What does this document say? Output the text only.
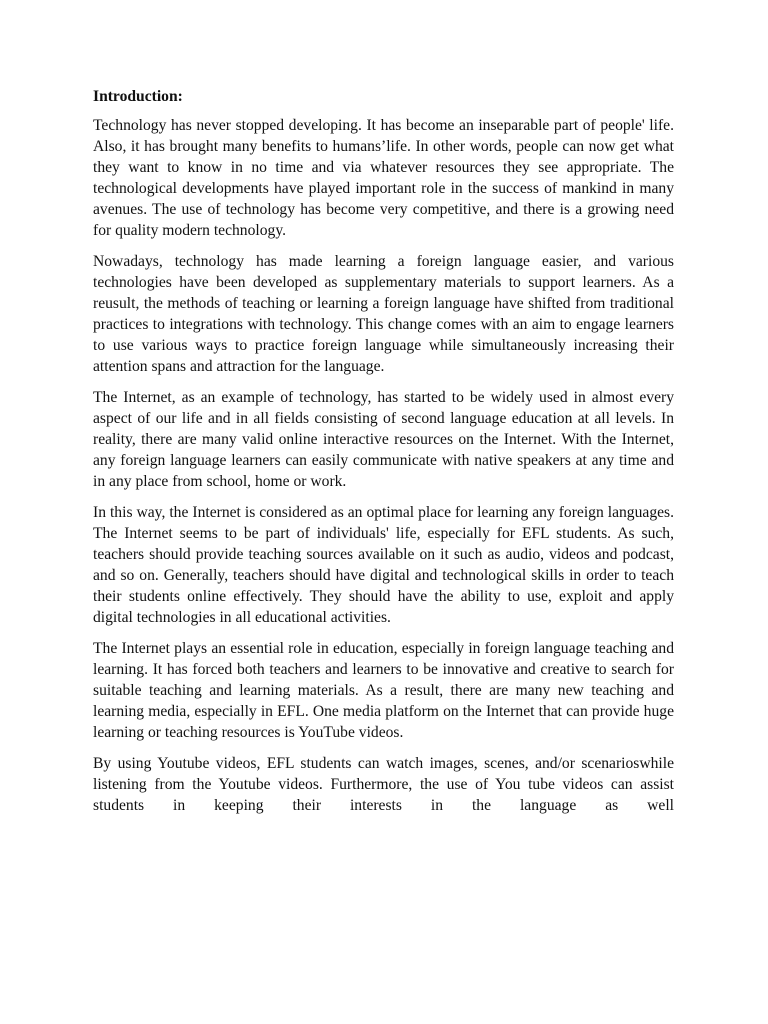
Introduction:

Technology has never stopped developing. It has become an inseparable part of people' life. Also, it has brought many benefits to humans’life. In other words, people can now get what they want to know in no time and via whatever resources they see appropriate. The technological developments have played important role in the success of mankind in many avenues. The use of technology has become very competitive, and there is a growing need for quality modern technology.

Nowadays, technology has made learning a foreign language easier, and various technologies have been developed as supplementary materials to support learners. As a reusult, the methods of teaching or learning a foreign language have shifted from traditional practices to integrations with technology. This change comes with an aim to engage learners to use various ways to practice foreign language while simultaneously increasing their attention spans and attraction for the language.

The Internet, as an example of technology, has started to be widely used in almost every aspect of our life and in all fields consisting of second language education at all levels. In reality, there are many valid online interactive resources on the Internet. With the Internet, any foreign language learners can easily communicate with native speakers at any time and in any place from school, home or work.

In this way, the Internet is considered as an optimal place for learning any foreign languages. The Internet seems to be part of individuals' life, especially for EFL students. As such, teachers should provide teaching sources available on it such as audio, videos and podcast, and so on. Generally, teachers should have digital and technological skills in order to teach their students online effectively. They should have the ability to use, exploit and apply digital technologies in all educational activities.

The Internet plays an essential role in education, especially in foreign language teaching and learning. It has forced both teachers and learners to be innovative and creative to search for suitable teaching and learning materials. As a result, there are many new teaching and learning media, especially in EFL. One media platform on the Internet that can provide huge learning or teaching resources is YouTube videos.

By using Youtube videos, EFL students can watch images, scenes, and/or scenarioswhile listening from the Youtube videos. Furthermore, the use of You tube videos can assist students in keeping their interests in the language as well
